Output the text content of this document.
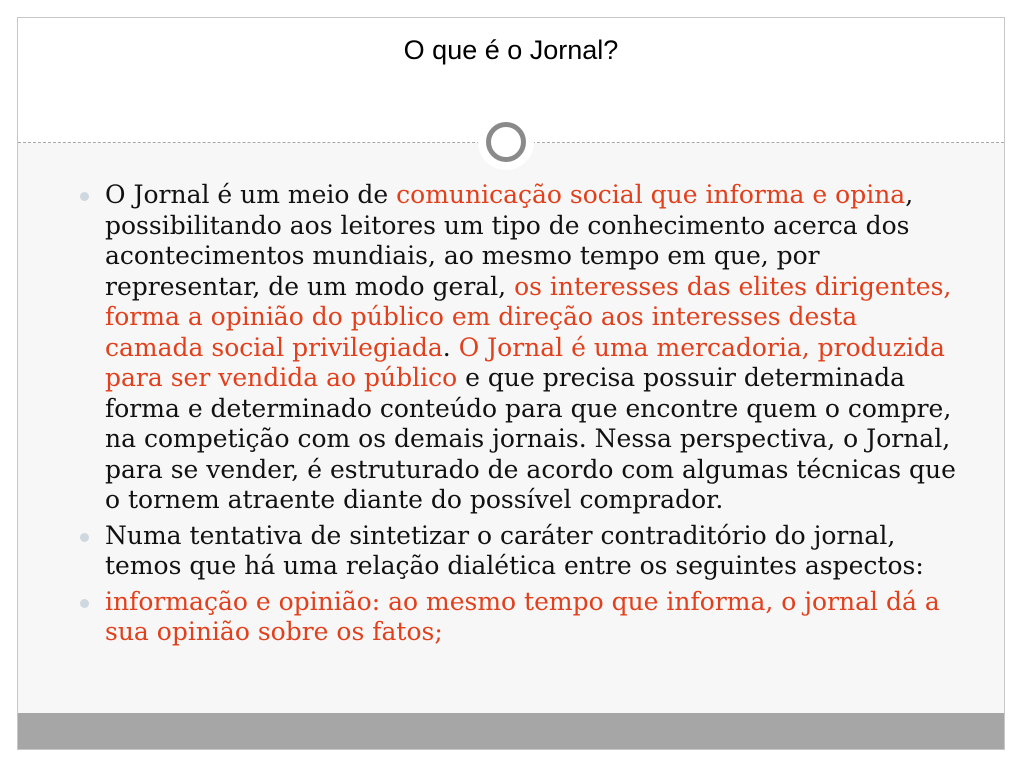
O que é o Jornal?
O Jornal é um meio de comunicação social que informa e opina, possibilitando aos leitores um tipo de conhecimento acerca dos acontecimentos mundiais, ao mesmo tempo em que, por representar, de um modo geral, os interesses das elites dirigentes, forma a opinião do público em direção aos interesses desta camada social privilegiada. O Jornal é uma mercadoria, produzida para ser vendida ao público e que precisa possuir determinada forma e determinado conteúdo para que encontre quem o compre, na competição com os demais jornais. Nessa perspectiva, o Jornal, para se vender, é estruturado de acordo com algumas técnicas que o tornem atraente diante do possível comprador.
Numa tentativa de sintetizar o caráter contraditório do jornal, temos que há uma relação dialética entre os seguintes aspectos:
informação e opinião: ao mesmo tempo que informa, o jornal dá a sua opinião sobre os fatos;
